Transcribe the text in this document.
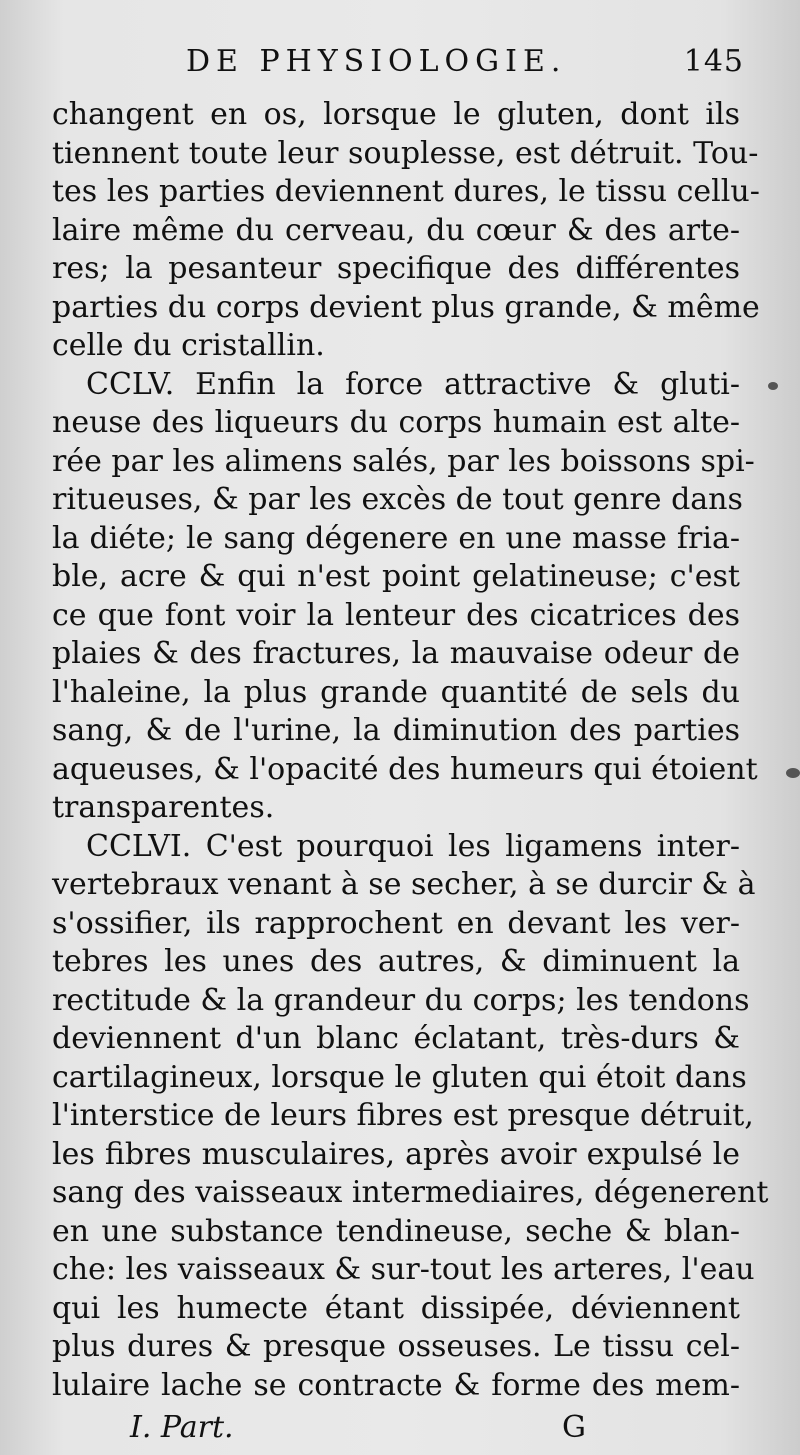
DE PHYSIOLOGIE.	145
changent en os, lorsque le gluten, dont ils
tiennent toute leur souplesse, est détruit. Tou-
tes les parties deviennent dures, le tissu cellu-
laire même du cerveau, du cœur & des arte-
res; la pesanteur specifique des différentes
parties du corps devient plus grande, & même
celle du cristallin.
CCLV. Enfin la force attractive & gluti-
neuse des liqueurs du corps humain est alte-
rée par les alimens salés, par les boissons spi-
ritueuses, & par les excès de tout genre dans
la diéte; le sang dégenere en une masse fria-
ble, acre & qui n'est point gelatineuse; c'est
ce que font voir la lenteur des cicatrices des
plaies & des fractures, la mauvaise odeur de
l'haleine, la plus grande quantité de sels du
sang, & de l'urine, la diminution des parties
aqueuses, & l'opacité des humeurs qui étoient
transparentes.
CCLVI. C'est pourquoi les ligamens inter-
vertebraux venant à se secher, à se durcir & à
s'ossifier, ils rapprochent en devant les ver-
tebres les unes des autres, & diminuent la
rectitude & la grandeur du corps; les tendons
deviennent d'un blanc éclatant, très-durs &
cartilagineux, lorsque le gluten qui étoit dans
l'interstice de leurs fibres est presque détruit,
les fibres musculaires, après avoir expulsé le
sang des vaisseaux intermediaires, dégenerent
en une substance tendineuse, seche & blan-
che: les vaisseaux & sur-tout les arteres, l'eau
qui les humecte étant dissipée, déviennent
plus dures & presque osseuses. Le tissu cel-
lulaire lache se contracte & forme des mem-
I. Part.	G
